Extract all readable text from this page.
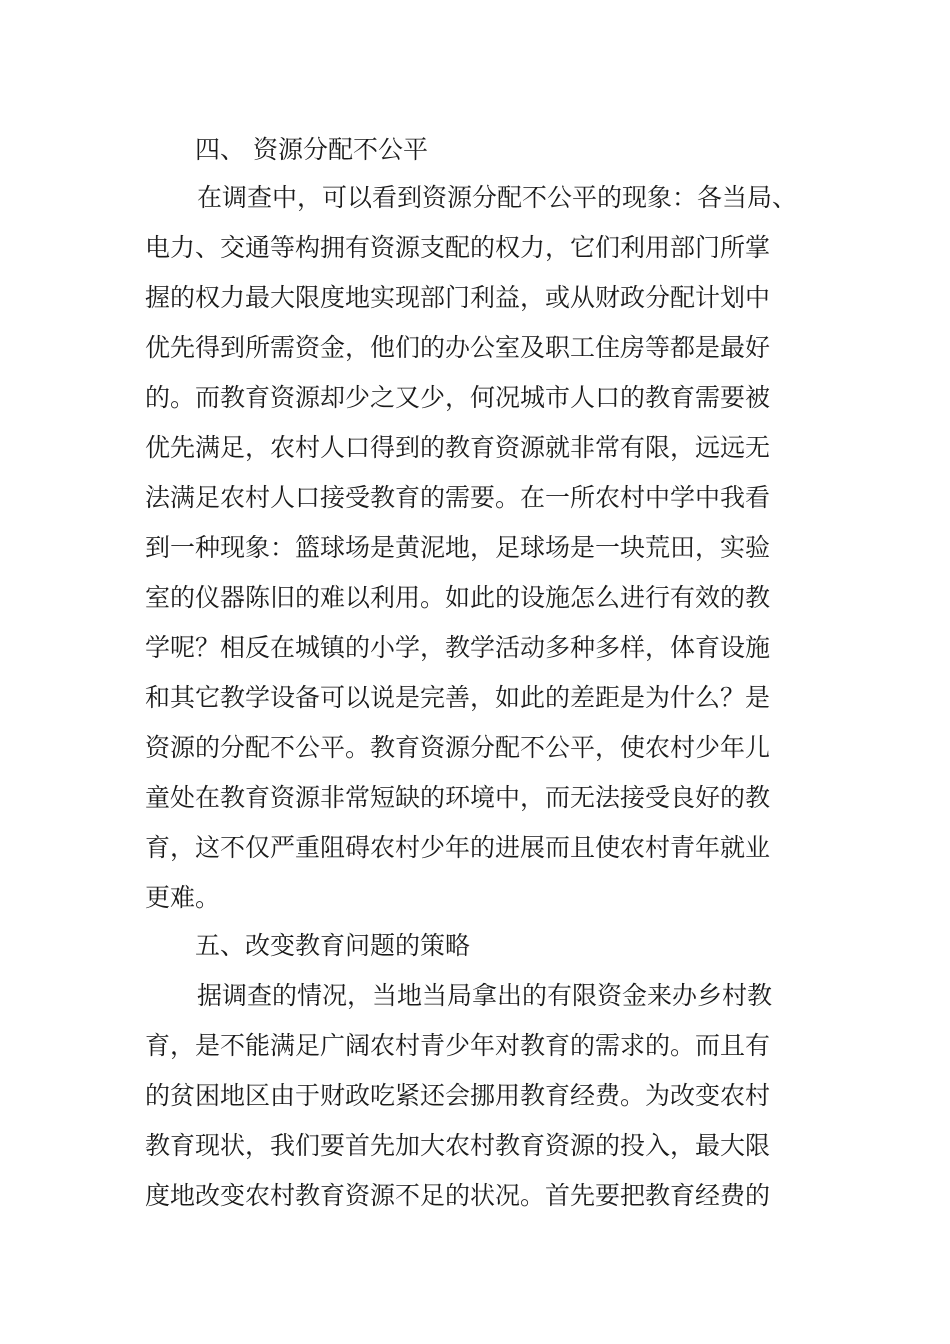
四、 资源分配不公平

在调查中，可以看到资源分配不公平的现象：各当局、

电力、交通等构拥有资源支配的权力，它们利用部门所掌

握的权力最大限度地实现部门利益，或从财政分配计划中

优先得到所需资金，他们的办公室及职工住房等都是最好

的。而教育资源却少之又少，何况城市人口的教育需要被

优先满足，农村人口得到的教育资源就非常有限，远远无

法满足农村人口接受教育的需要。在一所农村中学中我看

到一种现象：篮球场是黄泥地，足球场是一块荒田，实验

室的仪器陈旧的难以利用。如此的设施怎么进行有效的教

学呢？相反在城镇的小学，教学活动多种多样，体育设施

和其它教学设备可以说是完善，如此的差距是为什么？是

资源的分配不公平。教育资源分配不公平，使农村少年儿

童处在教育资源非常短缺的环境中，而无法接受良好的教

育，这不仅严重阻碍农村少年的进展而且使农村青年就业

更难。

五、改变教育问题的策略

据调查的情况，当地当局拿出的有限资金来办乡村教

育，是不能满足广阔农村青少年对教育的需求的。而且有

的贫困地区由于财政吃紧还会挪用教育经费。为改变农村

教育现状，我们要首先加大农村教育资源的投入，最大限

度地改变农村教育资源不足的状况。首先要把教育经费的
